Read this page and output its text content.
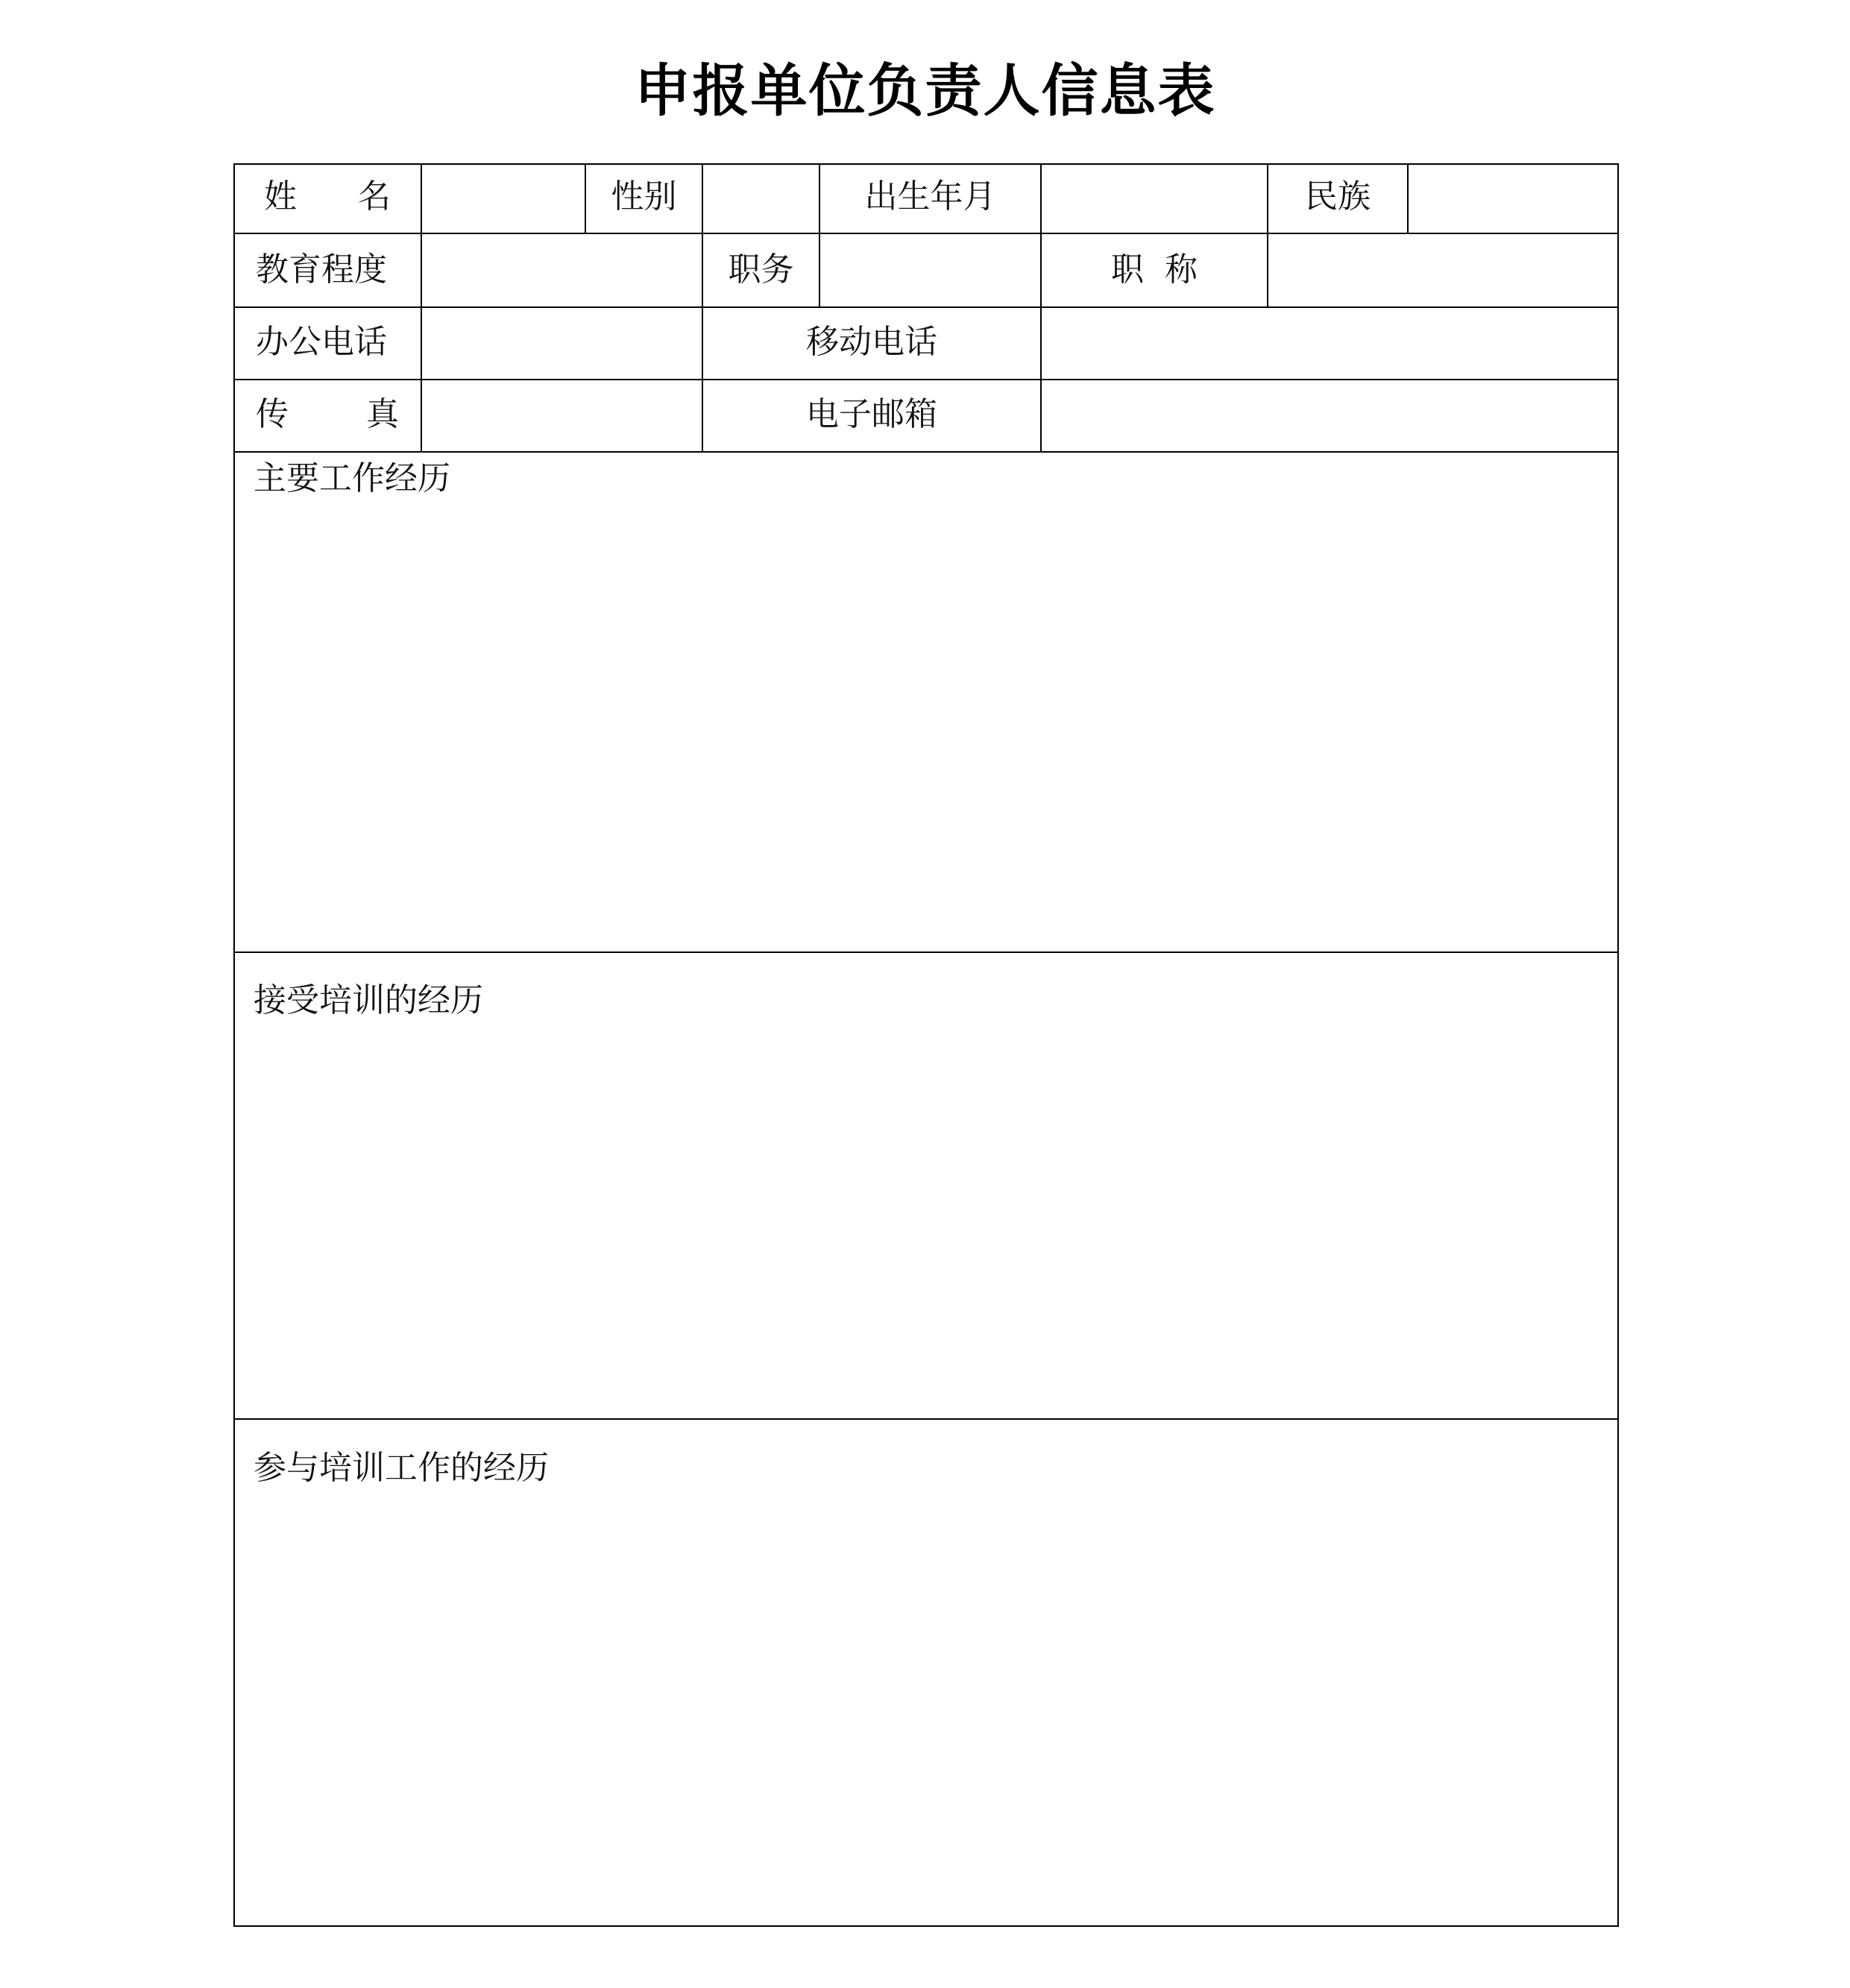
申报单位负责人信息表
姓 名	性别	出生年月	民族
教育程度	职务	职  称
办公电话	移动电话
传 真	电子邮箱
主要工作经历
接受培训的经历
参与培训工作的经历
